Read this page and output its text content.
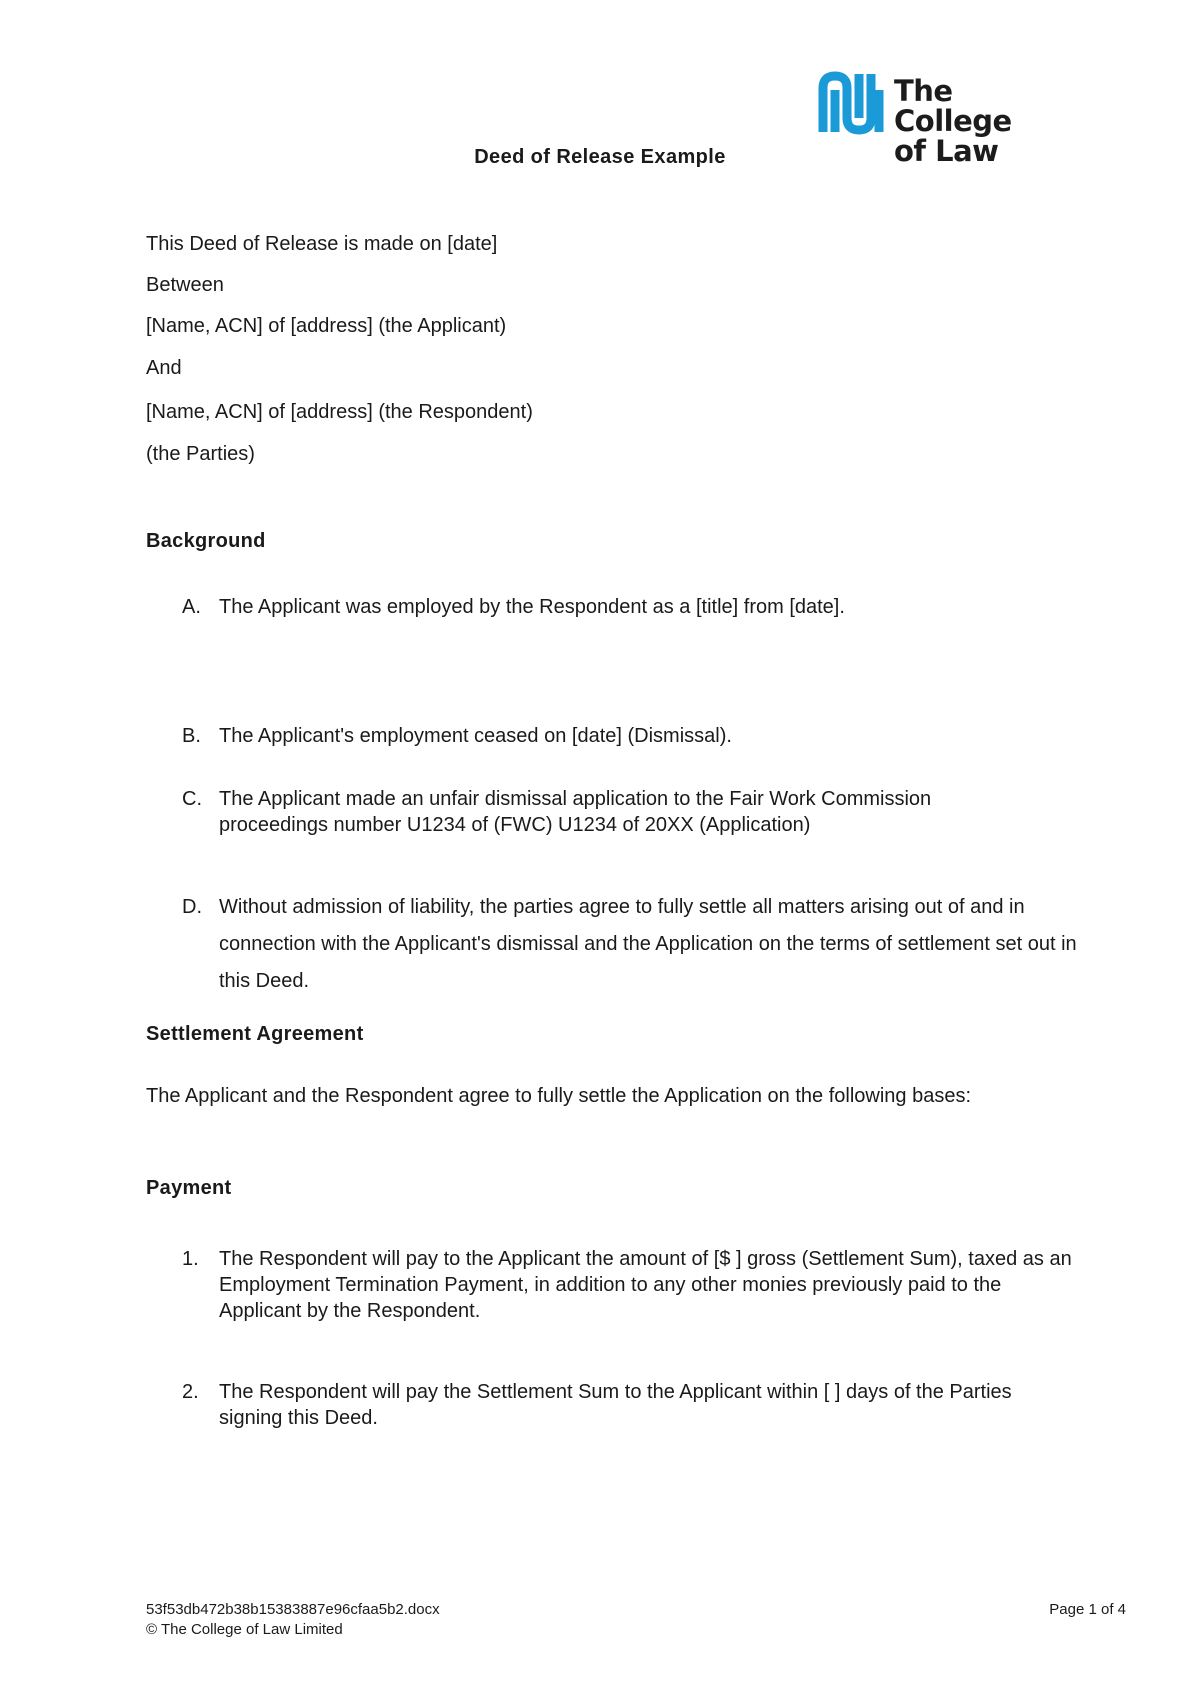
The College
of Law
Deed of Release Example
This Deed of Release is made on [date]
Between
[Name, ACN] of [address] (the Applicant)
And
[Name, ACN] of [address] (the Respondent)
(the Parties)
Background
A. The Applicant was employed by the Respondent as a [title] from [date].
B. The Applicant's employment ceased on [date] (Dismissal).
C. The Applicant made an unfair dismissal application to the Fair Work Commission proceedings number U1234 of (FWC) U1234 of 20XX (Application)
D. Without admission of liability, the parties agree to fully settle all matters arising out of and in connection with the Applicant's dismissal and the Application on the terms of settlement set out in this Deed.
Settlement Agreement
The Applicant and the Respondent agree to fully settle the Application on the following bases:
Payment
1. The Respondent will pay to the Applicant the amount of [$ ] gross (Settlement Sum), taxed as an Employment Termination Payment, in addition to any other monies previously paid to the Applicant by the Respondent.
2. The Respondent will pay the Settlement Sum to the Applicant within [ ] days of the Parties signing this Deed.
53f53db472b38b15383887e96cfaa5b2.docx
© The College of Law Limited
Page 1 of 4
